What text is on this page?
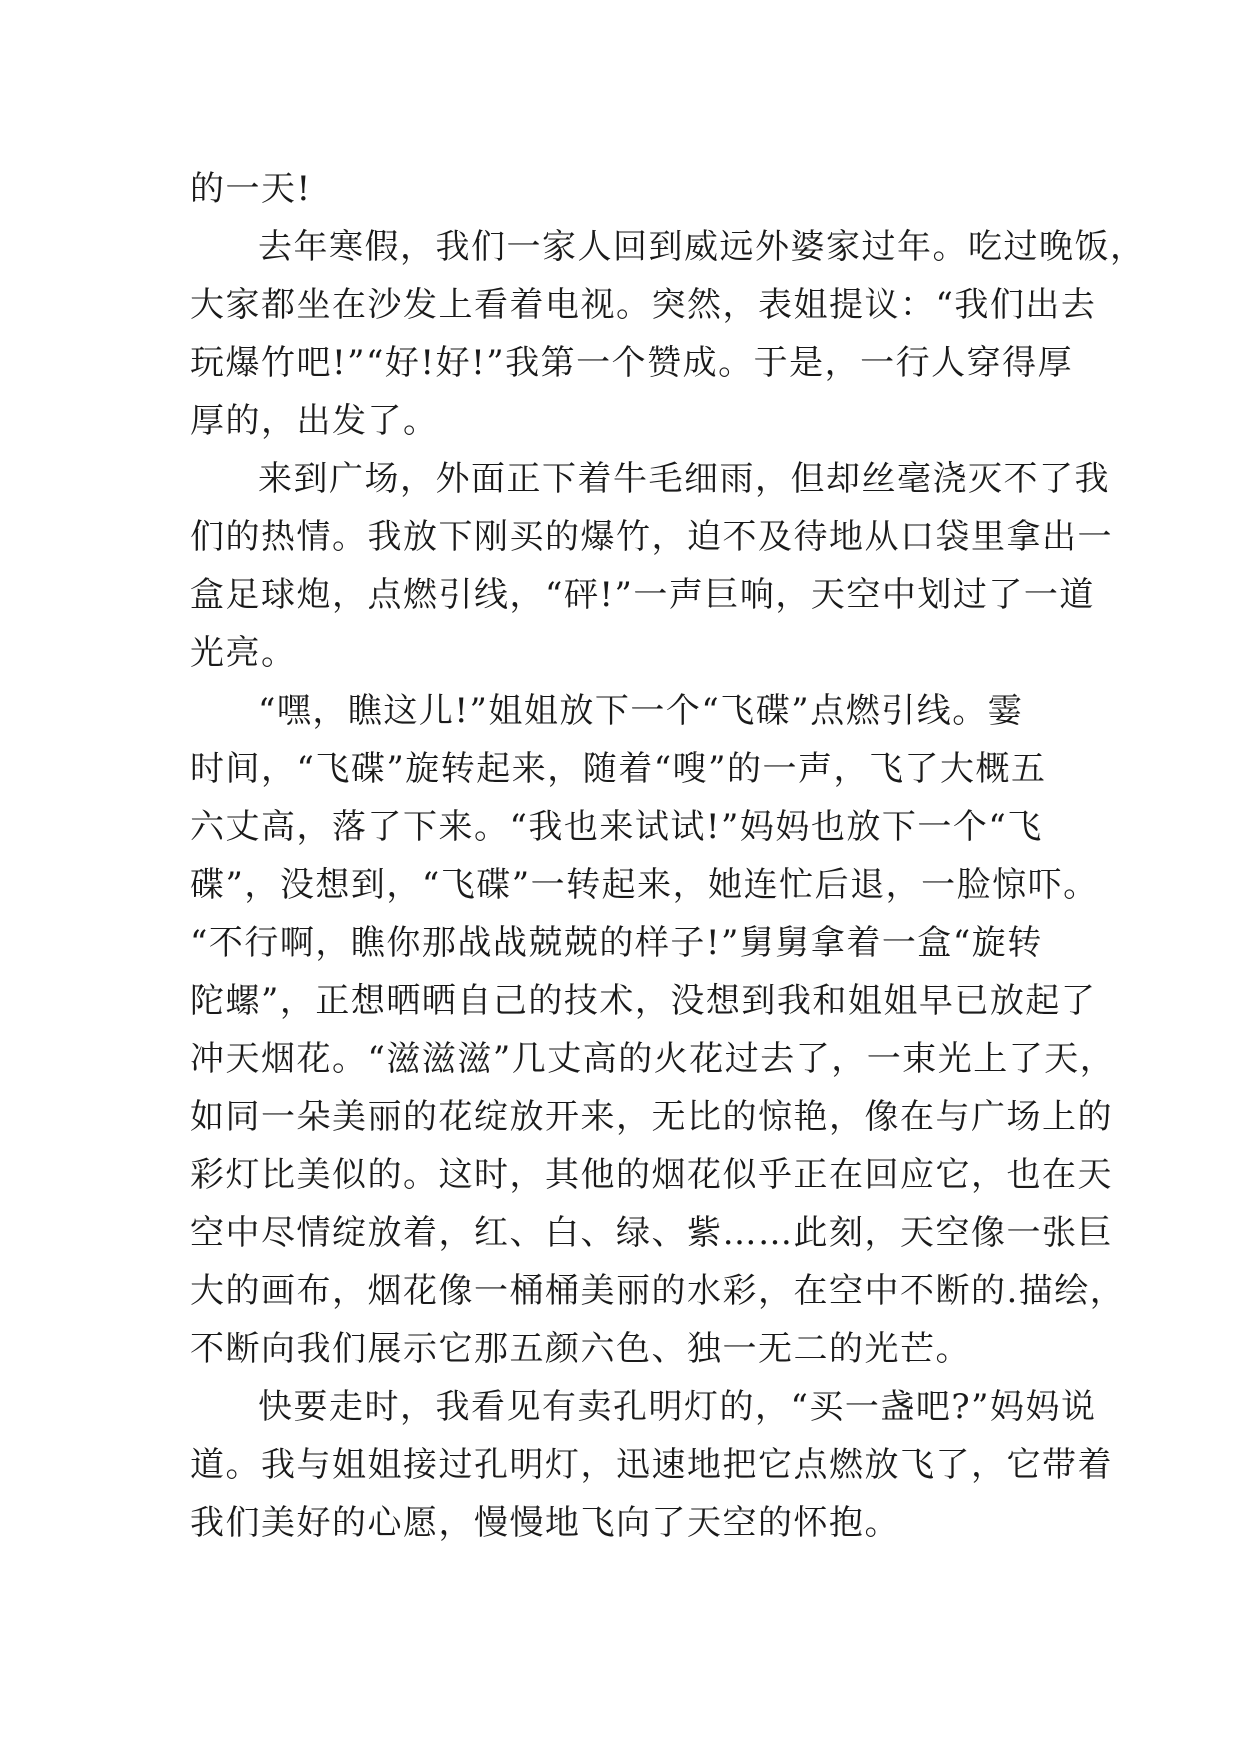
的一天!

去年寒假，我们一家人回到威远外婆家过年。吃过晚饭，

大家都坐在沙发上看着电视。突然，表姐提议：“我们出去

玩爆竹吧!”“好!好!”我第一个赞成。于是，一行人穿得厚

厚的，出发了。

来到广场，外面正下着牛毛细雨，但却丝毫浇灭不了我

们的热情。我放下刚买的爆竹，迫不及待地从口袋里拿出一

盒足球炮，点燃引线，“砰!”一声巨响，天空中划过了一道

光亮。

“嘿，瞧这儿!”姐姐放下一个“飞碟”点燃引线。霎

时间，“飞碟”旋转起来，随着“嗖”的一声，飞了大概五

六丈高，落了下来。“我也来试试!”妈妈也放下一个“飞

碟”，没想到，“飞碟”一转起来，她连忙后退，一脸惊吓。

“不行啊，瞧你那战战兢兢的样子!”舅舅拿着一盒“旋转

陀螺”，正想晒晒自己的技术，没想到我和姐姐早已放起了

冲天烟花。“滋滋滋”几丈高的火花过去了，一束光上了天，

如同一朵美丽的花绽放开来，无比的惊艳，像在与广场上的

彩灯比美似的。这时，其他的烟花似乎正在回应它，也在天

空中尽情绽放着，红、白、绿、紫……此刻，天空像一张巨

大的画布，烟花像一桶桶美丽的水彩，在空中不断的.描绘，

不断向我们展示它那五颜六色、独一无二的光芒。

快要走时，我看见有卖孔明灯的，“买一盏吧?”妈妈说

道。我与姐姐接过孔明灯，迅速地把它点燃放飞了，它带着

我们美好的心愿，慢慢地飞向了天空的怀抱。
